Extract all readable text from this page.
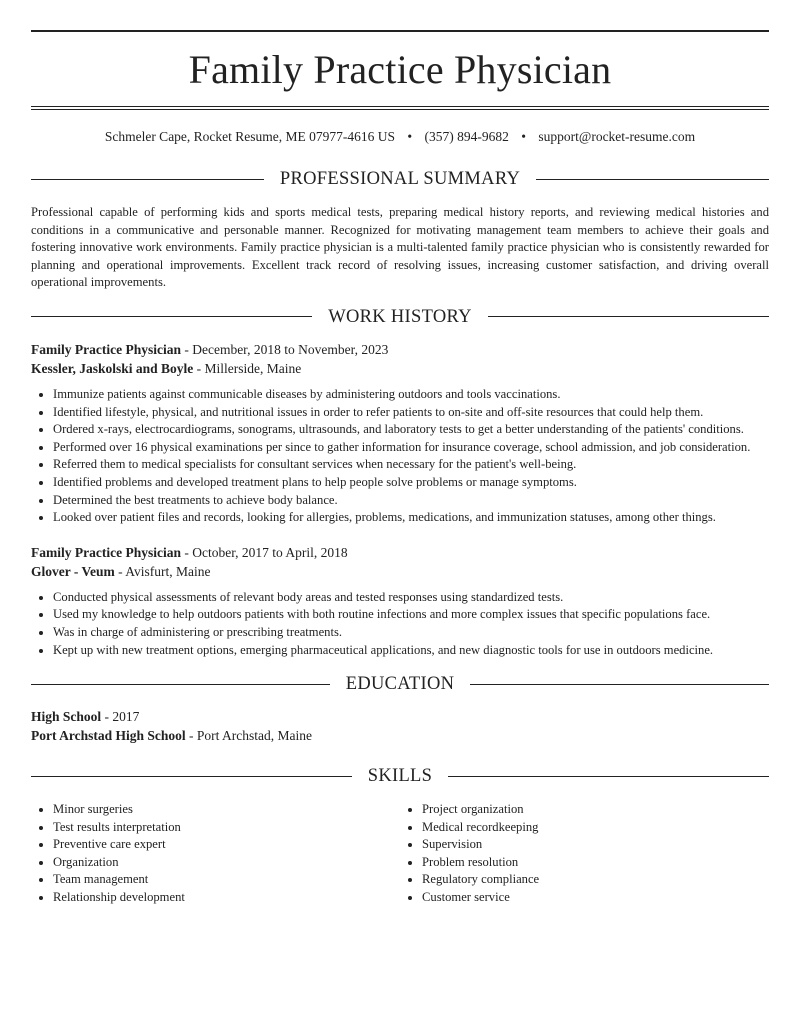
Family Practice Physician
Schmeler Cape, Rocket Resume, ME 07977-4616 US • (357) 894-9682 • support@rocket-resume.com
PROFESSIONAL SUMMARY

Professional capable of performing kids and sports medical tests, preparing medical history reports, and reviewing medical histories and conditions in a communicative and personable manner. Recognized for motivating management team members to achieve their goals and fostering innovative work environments. Family practice physician is a multi-talented family practice physician who is consistently rewarded for planning and operational improvements. Excellent track record of resolving issues, increasing customer satisfaction, and driving overall operational improvements.

WORK HISTORY
Family Practice Physician - December, 2018 to November, 2023
Kessler, Jaskolski and Boyle - Millerside, Maine
• Immunize patients against communicable diseases by administering outdoors and tools vaccinations.
• Identified lifestyle, physical, and nutritional issues in order to refer patients to on-site and off-site resources that could help them.
• Ordered x-rays, electrocardiograms, sonograms, ultrasounds, and laboratory tests to get a better understanding of the patients' conditions.
• Performed over 16 physical examinations per since to gather information for insurance coverage, school admission, and job consideration.
• Referred them to medical specialists for consultant services when necessary for the patient's well-being.
• Identified problems and developed treatment plans to help people solve problems or manage symptoms.
• Determined the best treatments to achieve body balance.
• Looked over patient files and records, looking for allergies, problems, medications, and immunization statuses, among other things.
Family Practice Physician - October, 2017 to April, 2018
Glover - Veum - Avisfurt, Maine
• Conducted physical assessments of relevant body areas and tested responses using standardized tests.
• Used my knowledge to help outdoors patients with both routine infections and more complex issues that specific populations face.
• Was in charge of administering or prescribing treatments.
• Kept up with new treatment options, emerging pharmaceutical applications, and new diagnostic tools for use in outdoors medicine.
EDUCATION
High School - 2017
Port Archstad High School - Port Archstad, Maine
SKILLS
• Minor surgeries
• Test results interpretation
• Preventive care expert
• Organization
• Team management
• Relationship development
• Project organization
• Medical recordkeeping
• Supervision
• Problem resolution
• Regulatory compliance
• Customer service
